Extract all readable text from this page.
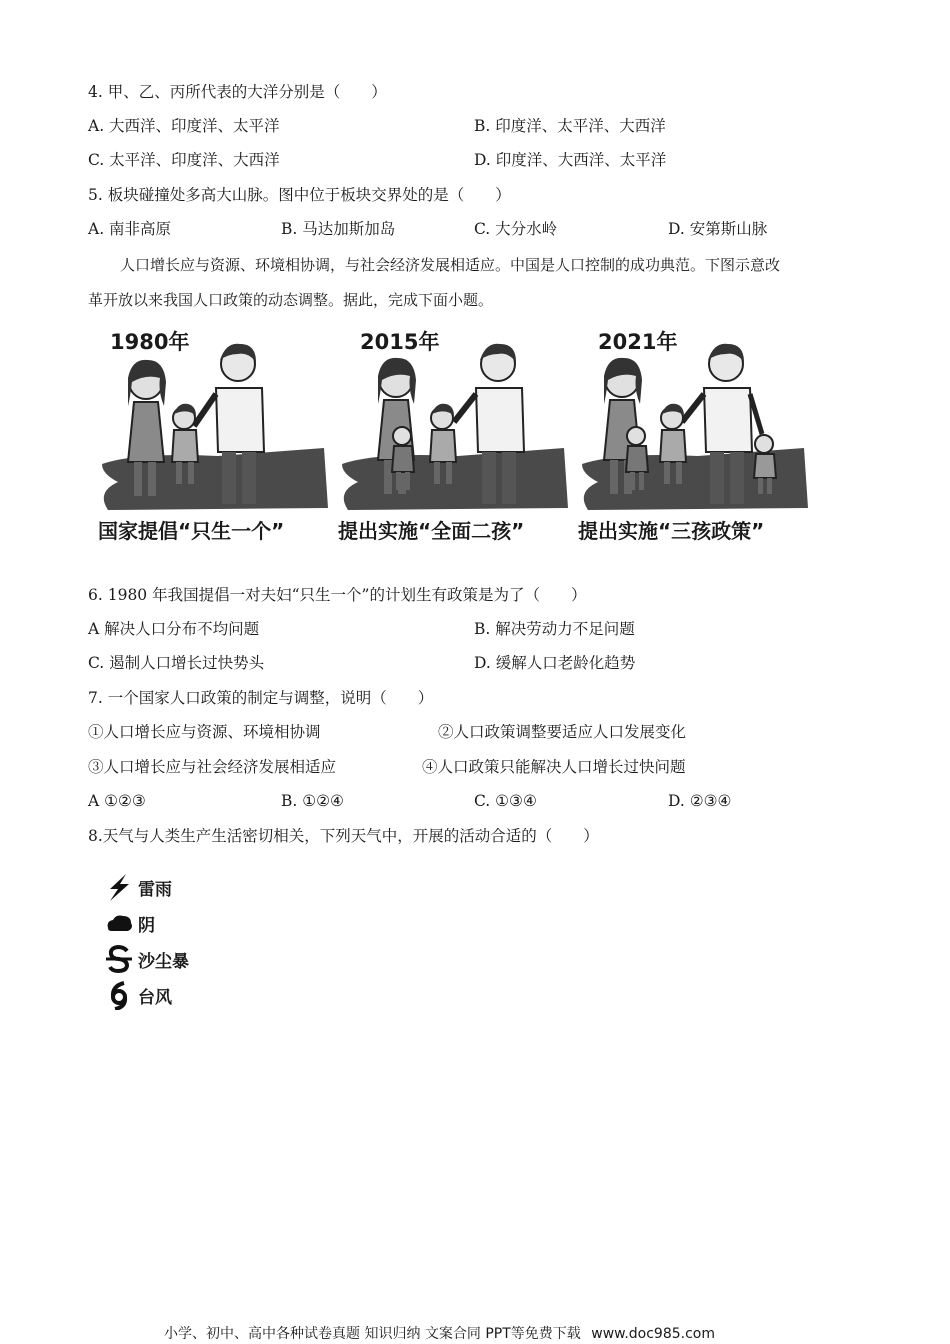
4. 甲、乙、丙所代表的大洋分别是（　　）
A. 大西洋、印度洋、太平洋	B. 印度洋、太平洋、大西洋
C. 太平洋、印度洋、大西洋	D. 印度洋、大西洋、太平洋
5. 板块碰撞处多高大山脉。图中位于板块交界处的是（　　）
A. 南非高原	B. 马达加斯加岛	C. 大分水岭	D. 安第斯山脉
人口增长应与资源、环境相协调，与社会经济发展相适应。中国是人口控制的成功典范。下图示意改
革开放以来我国人口政策的动态调整。据此，完成下面小题。
1980年
国家提倡“只生一个”
2015年
提出实施“全面二孩”
2021年
提出实施“三孩政策”
6. 1980 年我国提倡一对夫妇“只生一个”的计划生有政策是为了（　　）
A 解决人口分布不均问题	B. 解决劳动力不足问题
C. 遏制人口增长过快势头	D. 缓解人口老龄化趋势
7. 一个国家人口政策的制定与调整，说明（　　）
①人口增长应与资源、环境相协调	②人口政策调整要适应人口发展变化
③人口增长应与社会经济发展相适应	④人口政策只能解决人口增长过快问题
A ①②③	B. ①②④	C. ①③④	D. ②③④
8.天气与人类生产生活密切相关，下列天气中，开展的活动合适的（　　）
雷雨
阴
沙尘暴
台风
小学、初中、高中各种试卷真题 知识归纳 文案合同 PPT等免费下载 www.doc985.com
